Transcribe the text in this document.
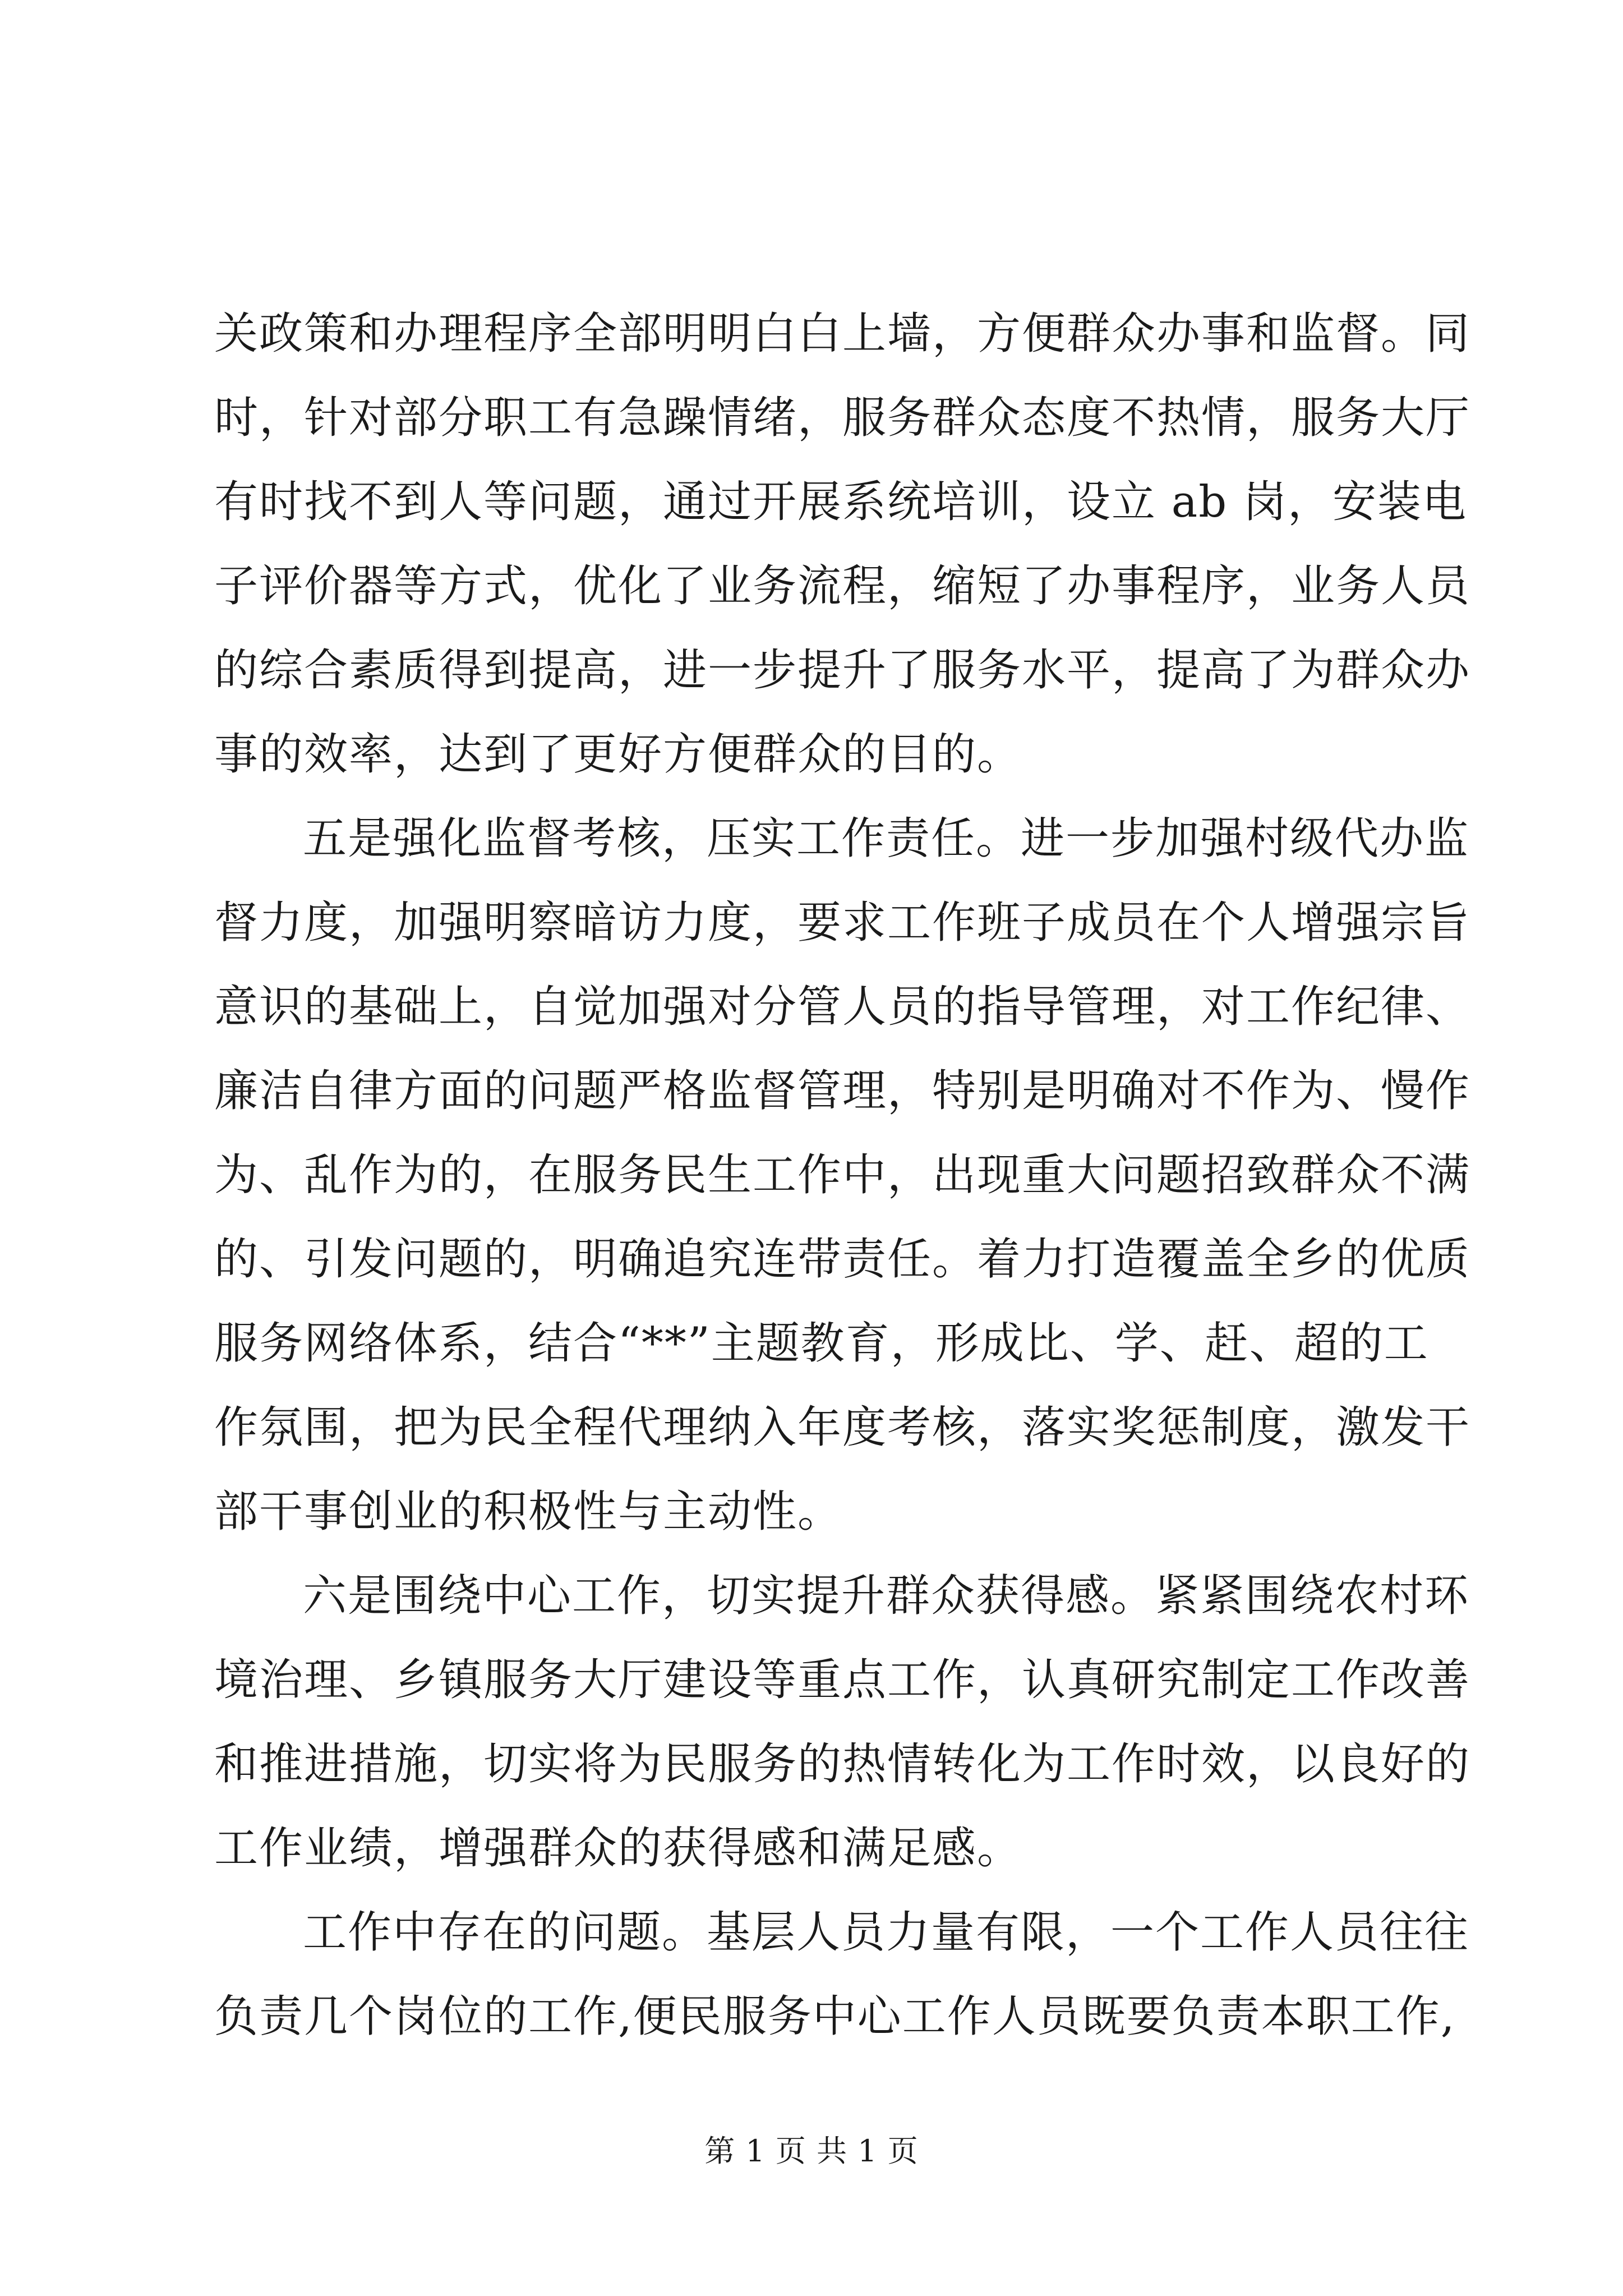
关政策和办理程序全部明明白白上墙，方便群众办事和监督。同
时，针对部分职工有急躁情绪，服务群众态度不热情，服务大厅
有时找不到人等问题，通过开展系统培训，设立 ab 岗，安装电
子评价器等方式，优化了业务流程，缩短了办事程序，业务人员
的综合素质得到提高，进一步提升了服务水平，提高了为群众办
事的效率，达到了更好方便群众的目的。
五是强化监督考核，压实工作责任。进一步加强村级代办监
督力度，加强明察暗访力度，要求工作班子成员在个人增强宗旨
意识的基础上，自觉加强对分管人员的指导管理，对工作纪律、
廉洁自律方面的问题严格监督管理，特别是明确对不作为、慢作
为、乱作为的，在服务民生工作中，出现重大问题招致群众不满
的、引发问题的，明确追究连带责任。着力打造覆盖全乡的优质
服务网络体系，结合“**”主题教育，形成比、学、赶、超的工
作氛围，把为民全程代理纳入年度考核，落实奖惩制度，激发干
部干事创业的积极性与主动性。
六是围绕中心工作，切实提升群众获得感。紧紧围绕农村环
境治理、乡镇服务大厅建设等重点工作，认真研究制定工作改善
和推进措施，切实将为民服务的热情转化为工作时效，以良好的
工作业绩，增强群众的获得感和满足感。
工作中存在的问题。基层人员力量有限，一个工作人员往往
负责几个岗位的工作,便民服务中心工作人员既要负责本职工作,
第 1 页 共 1 页
